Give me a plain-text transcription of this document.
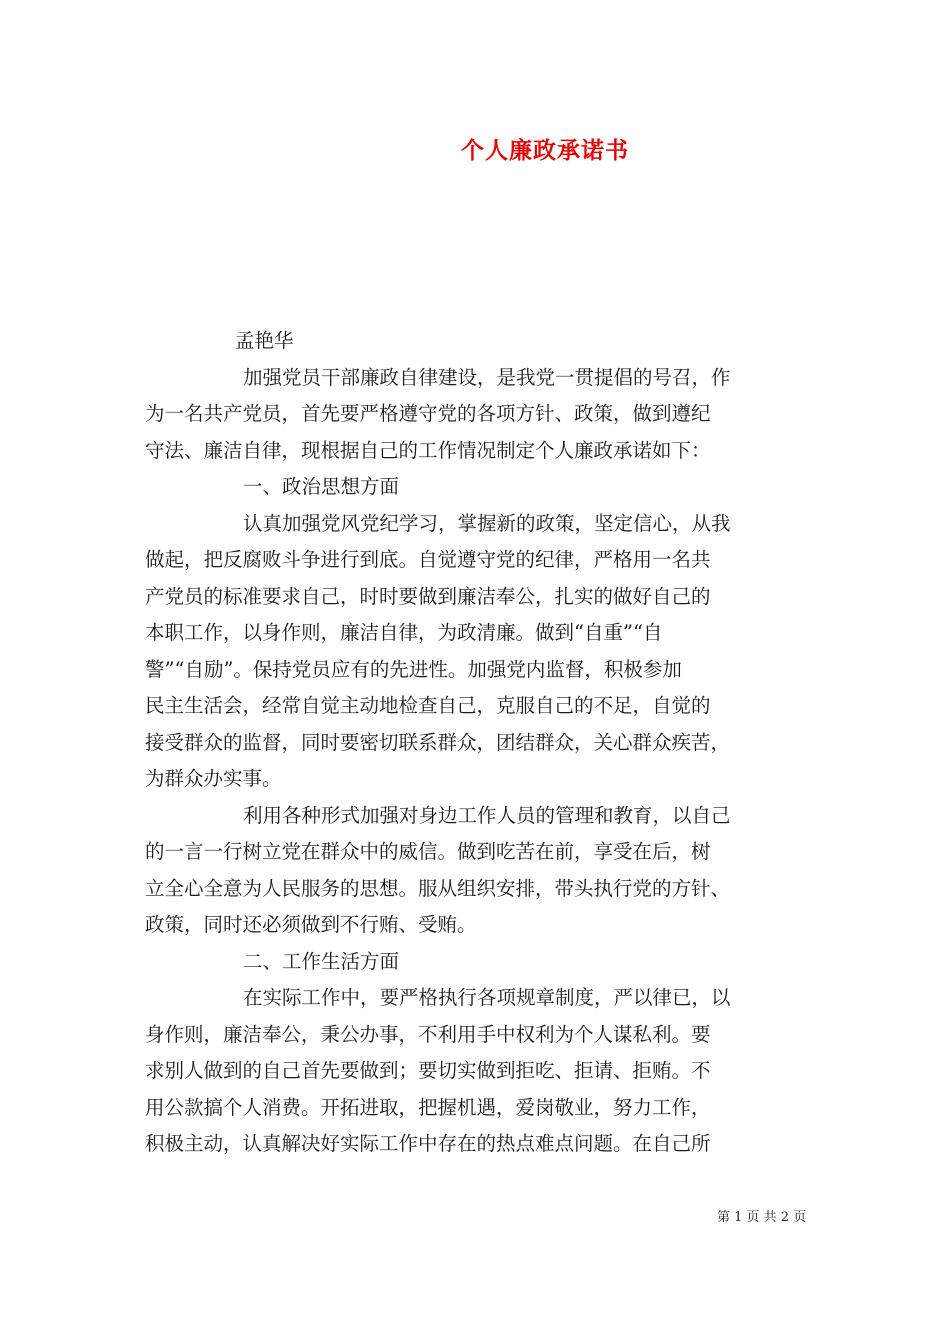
个人廉政承诺书
孟艳华
加强党员干部廉政自律建设，是我党一贯提倡的号召，作
为一名共产党员，首先要严格遵守党的各项方针、政策，做到遵纪
守法、廉洁自律，现根据自己的工作情况制定个人廉政承诺如下：
一、政治思想方面
认真加强党风党纪学习，掌握新的政策，坚定信心，从我
做起，把反腐败斗争进行到底。自觉遵守党的纪律，严格用一名共
产党员的标准要求自己，时时要做到廉洁奉公，扎实的做好自己的
本职工作，以身作则，廉洁自律，为政清廉。做到“自重”“自
警”“自励”。保持党员应有的先进性。加强党内监督，积极参加
民主生活会，经常自觉主动地检查自己，克服自己的不足，自觉的
接受群众的监督，同时要密切联系群众，团结群众，关心群众疾苦，
为群众办实事。
利用各种形式加强对身边工作人员的管理和教育，以自己
的一言一行树立党在群众中的威信。做到吃苦在前，享受在后，树
立全心全意为人民服务的思想。服从组织安排，带头执行党的方针、
政策，同时还必须做到不行贿、受贿。
二、工作生活方面
在实际工作中，要严格执行各项规章制度，严以律已，以
身作则，廉洁奉公，秉公办事，不利用手中权利为个人谋私利。要
求别人做到的自己首先要做到；要切实做到拒吃、拒请、拒贿。不
用公款搞个人消费。开拓进取，把握机遇，爱岗敬业，努力工作，
积极主动，认真解决好实际工作中存在的热点难点问题。在自己所
第 1 页 共 2 页
